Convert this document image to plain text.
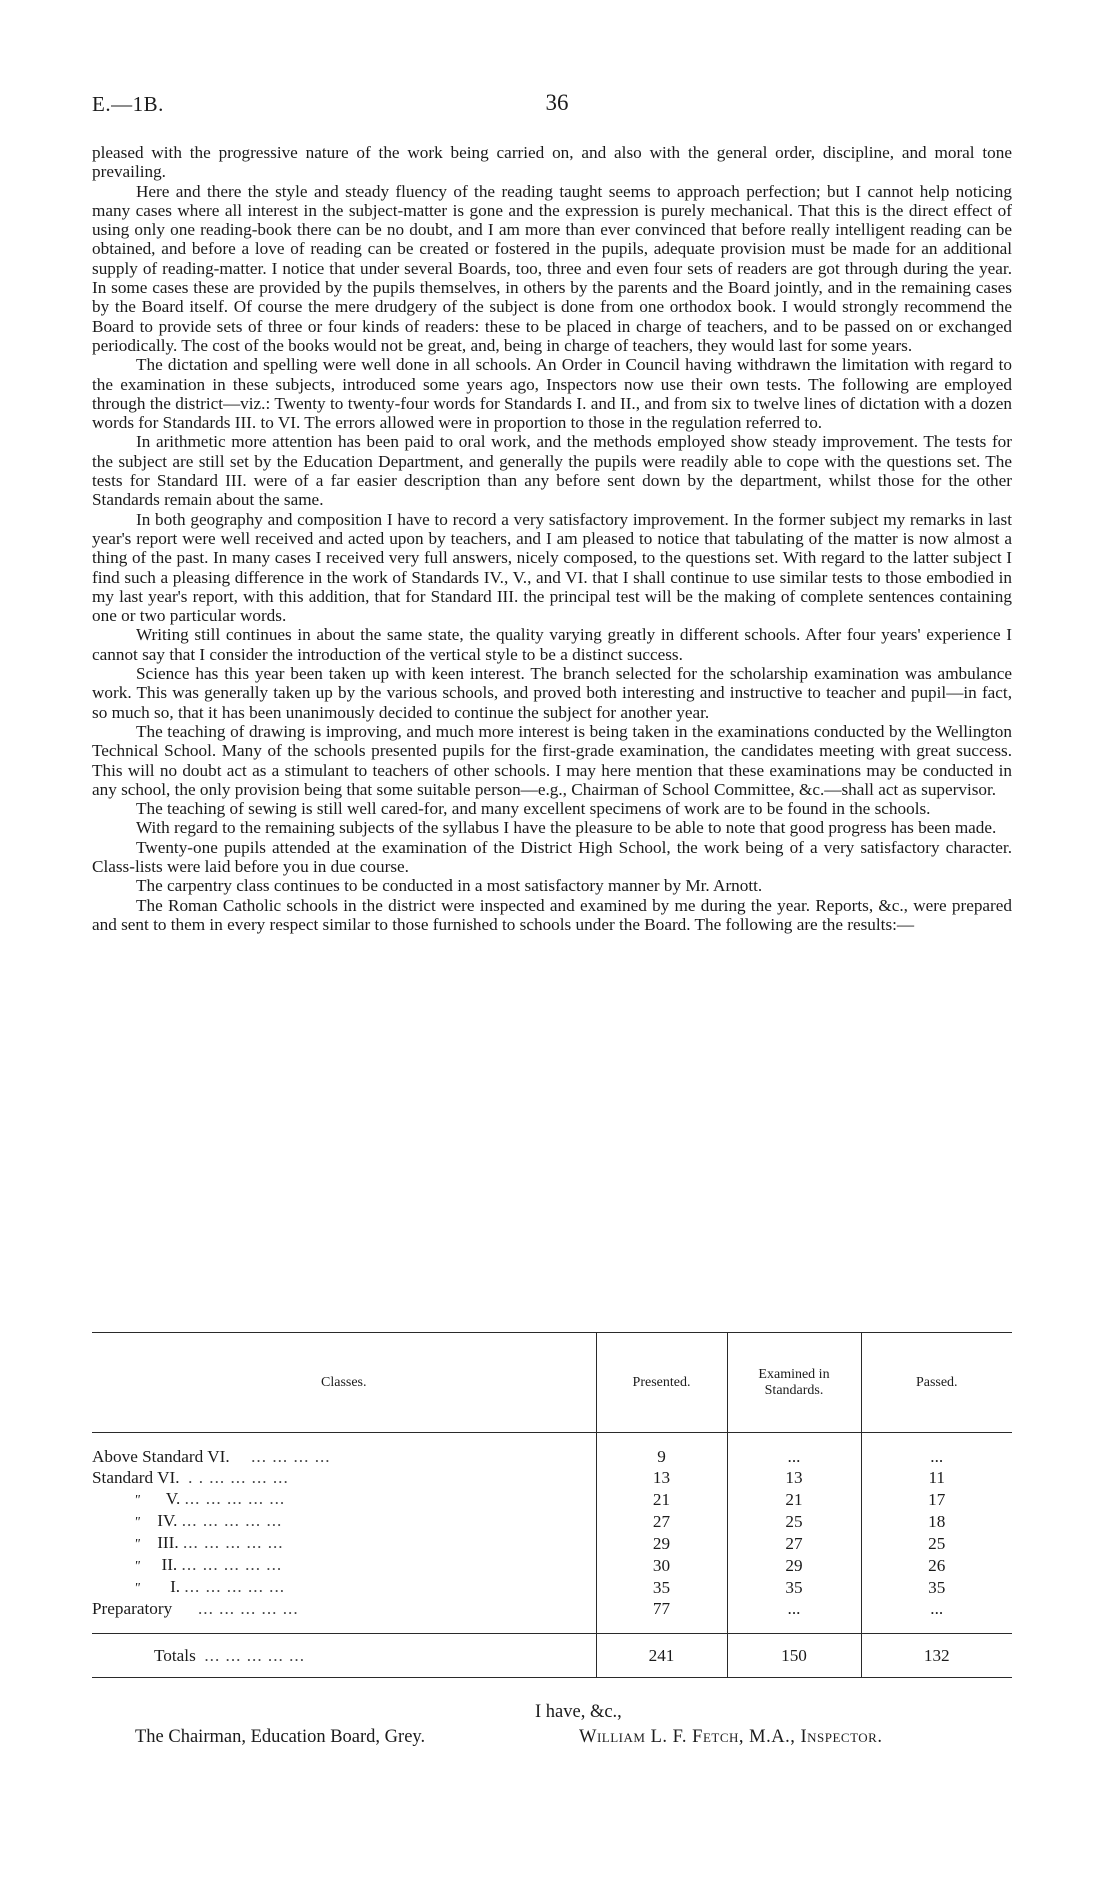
E.—1B.	36

pleased with the progressive nature of the work being carried on, and also with the general order, discipline, and moral tone prevailing.

Here and there the style and steady fluency of the reading taught seems to approach perfection; but I cannot help noticing many cases where all interest in the subject-matter is gone and the expression is purely mechanical. That this is the direct effect of using only one reading-book there can be no doubt, and I am more than ever convinced that before really intelligent reading can be obtained, and before a love of reading can be created or fostered in the pupils, adequate provision must be made for an additional supply of reading-matter. I notice that under several Boards, too, three and even four sets of readers are got through during the year. In some cases these are provided by the pupils themselves, in others by the parents and the Board jointly, and in the remaining cases by the Board itself. Of course the mere drudgery of the subject is done from one orthodox book. I would strongly recommend the Board to provide sets of three or four kinds of readers: these to be placed in charge of teachers, and to be passed on or exchanged periodically. The cost of the books would not be great, and, being in charge of teachers, they would last for some years.

The dictation and spelling were well done in all schools. An Order in Council having withdrawn the limitation with regard to the examination in these subjects, introduced some years ago, Inspectors now use their own tests. The following are employed through the district—viz.: Twenty to twenty-four words for Standards I. and II., and from six to twelve lines of dictation with a dozen words for Standards III. to VI. The errors allowed were in proportion to those in the regulation referred to.

In arithmetic more attention has been paid to oral work, and the methods employed show steady improvement. The tests for the subject are still set by the Education Department, and generally the pupils were readily able to cope with the questions set. The tests for Standard III. were of a far easier description than any before sent down by the department, whilst those for the other Standards remain about the same.

In both geography and composition I have to record a very satisfactory improvement. In the former subject my remarks in last year's report were well received and acted upon by teachers, and I am pleased to notice that tabulating of the matter is now almost a thing of the past. In many cases I received very full answers, nicely composed, to the questions set. With regard to the latter subject I find such a pleasing difference in the work of Standards IV., V., and VI. that I shall continue to use similar tests to those embodied in my last year's report, with this addition, that for Standard III. the principal test will be the making of complete sentences containing one or two particular words.

Writing still continues in about the same state, the quality varying greatly in different schools. After four years' experience I cannot say that I consider the introduction of the vertical style to be a distinct success.

Science has this year been taken up with keen interest. The branch selected for the scholarship examination was ambulance work. This was generally taken up by the various schools, and proved both interesting and instructive to teacher and pupil—in fact, so much so, that it has been unanimously decided to continue the subject for another year.

The teaching of drawing is improving, and much more interest is being taken in the examinations conducted by the Wellington Technical School. Many of the schools presented pupils for the first-grade examination, the candidates meeting with great success. This will no doubt act as a stimulant to teachers of other schools. I may here mention that these examinations may be conducted in any school, the only provision being that some suitable person—e.g., Chairman of School Committee, &c.—shall act as supervisor.

The teaching of sewing is still well cared-for, and many excellent specimens of work are to be found in the schools.

With regard to the remaining subjects of the syllabus I have the pleasure to be able to note that good progress has been made.

Twenty-one pupils attended at the examination of the District High School, the work being of a very satisfactory character. Class-lists were laid before you in due course.

The carpentry class continues to be conducted in a most satisfactory manner by Mr. Arnott.

The Roman Catholic schools in the district were inspected and examined by me during the year. Reports, &c., were prepared and sent to them in every respect similar to those furnished to schools under the Board. The following are the results:—

Classes.	Presented.	Examined in Standards.	Passed.

Above Standard VI. ... ... ... ...	9	...	...
Standard VI. . . ... ... ... ...	13	13	11
" V. ... ... ... ... ...	21	21	17
" IV. ... ... ... ... ...	27	25	18
" III. ... ... ... ... ...	29	27	25
" II. ... ... ... ... ...	30	29	26
" I. ... ... ... ... ...	35	35	35
Preparatory ... ... ... ... ...	77	...	...

Totals ... ... ... ... ...	241	150	132
I have, &c.,
The Chairman, Education Board, Grey.	William L. F. Fetch, M.A., Inspector.
